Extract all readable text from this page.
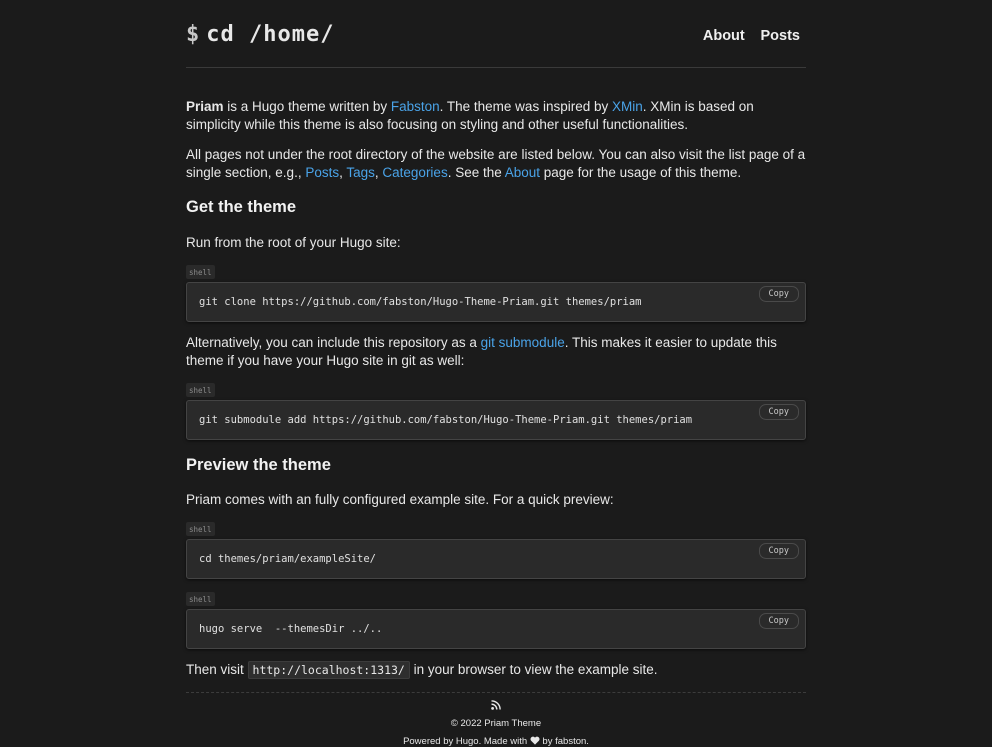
$ cd /home/	About Posts

Priam is a Hugo theme written by Fabston. The theme was inspired by XMin. XMin is based on simplicity while this theme is also focusing on styling and other useful functionalities.

All pages not under the root directory of the website are listed below. You can also visit the list page of a single section, e.g., Posts, Tags, Categories. See the About page for the usage of this theme.

Get the theme

Run from the root of your Hugo site:

shell
git clone https://github.com/fabston/Hugo-Theme-Priam.git themes/priam
Copy

Alternatively, you can include this repository as a git submodule. This makes it easier to update this theme if you have your Hugo site in git as well:

shell
git submodule add https://github.com/fabston/Hugo-Theme-Priam.git themes/priam
Copy
Preview the theme

Priam comes with an fully configured example site. For a quick preview:

shell
cd themes/priam/exampleSite/
Copy
shell
hugo serve  --themesDir ../..
Copy

Then visit http://localhost:1313/ in your browser to view the example site.

© 2022 Priam Theme
Powered by Hugo. Made with  by fabston.
